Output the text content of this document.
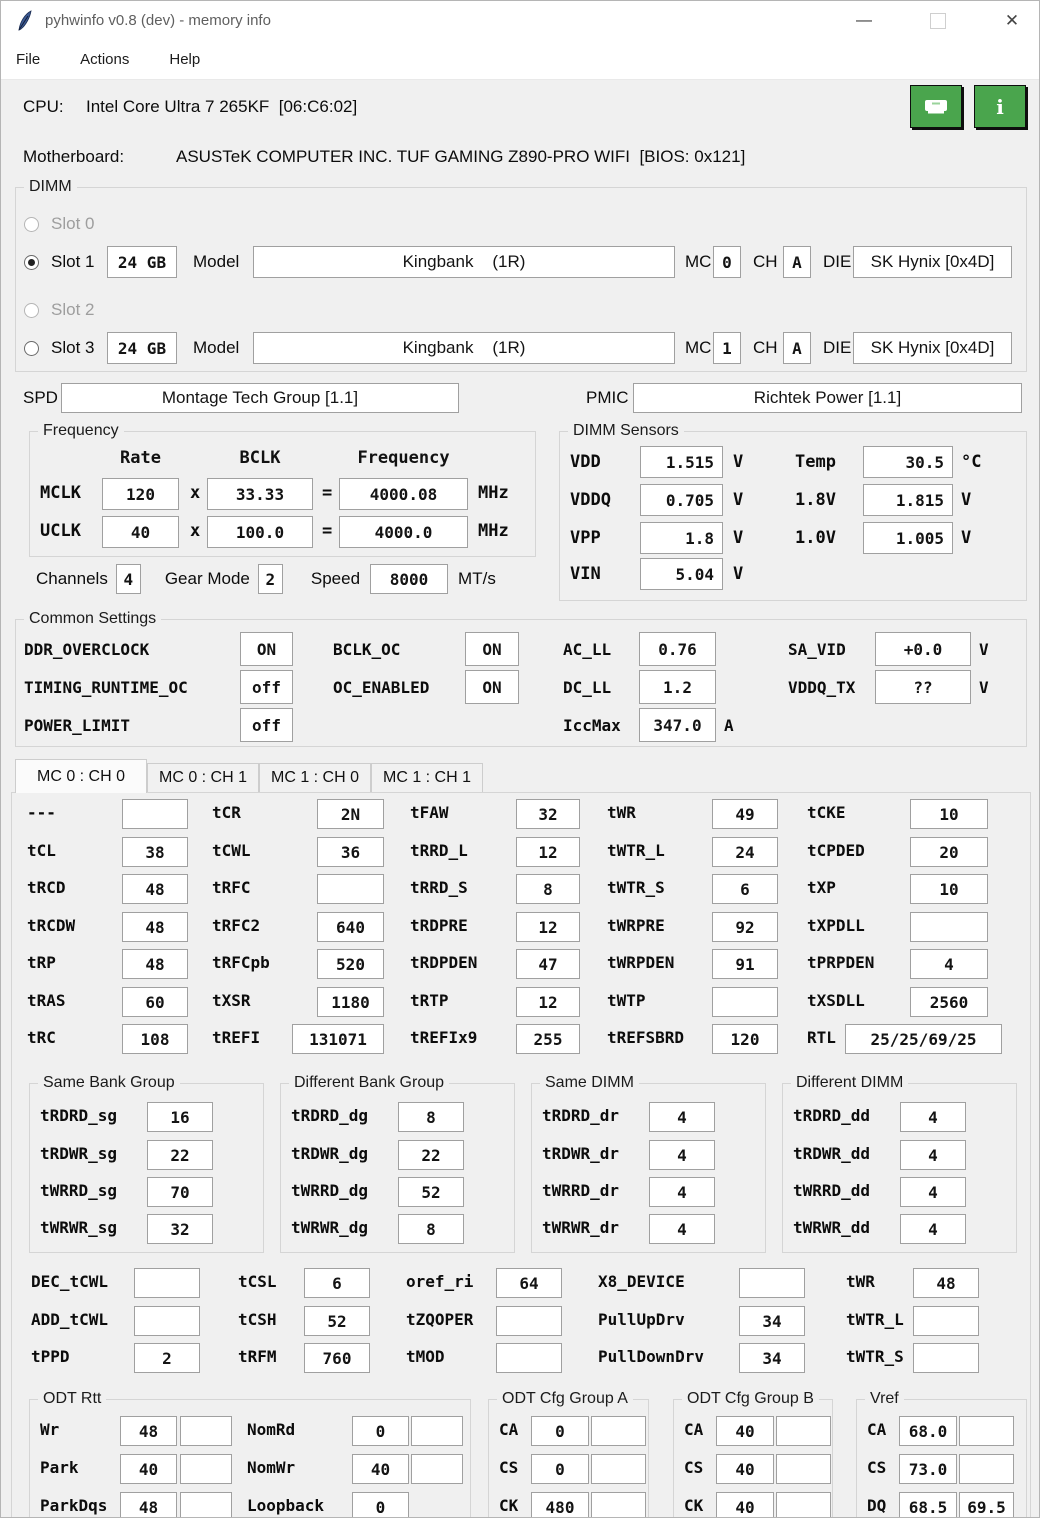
pyhwinfo v0.8 (dev) - memory info	—	✕
File	Actions	Help
CPU:	Intel Core Ultra 7 265KF  [06:C6:02]	i
Motherboard:	ASUSTeK COMPUTER INC. TUF GAMING Z890-PRO WIFI  [BIOS: 0x121]
DIMM
Slot 0
Slot 1	24 GB	Model	Kingbank    (1R)	MC 0	CH A	DIE	SK Hynix [0x4D]
Slot 2
Slot 3	24 GB	Model	Kingbank    (1R)	MC 1	CH A	DIE	SK Hynix [0x4D]
SPD	Montage Tech Group [1.1]	PMIC	Richtek Power [1.1]
Frequency
Rate	BCLK	Frequency
MCLK	120	x	33.33	=	4000.08	MHz
UCLK	40	x	100.0	=	4000.0	MHz
Channels 4	Gear Mode 2	Speed	8000	MT/s
DIMM Sensors
VDD	1.515	V	Temp	30.5	°C
VDDQ	0.705	V	1.8V	1.815	V
VPP	1.8	V	1.0V	1.005	V
VIN	5.04	V
Common Settings
DDR_OVERCLOCK	ON	BCLK_OC	ON	AC_LL	0.76	SA_VID	+0.0	V
TIMING_RUNTIME_OC	off	OC_ENABLED	ON	DC_LL	1.2	VDDQ_TX	??	V
POWER_LIMIT	off	IccMax	347.0	A
MC 0 : CH 0 MC 0 : CH 1 MC 1 : CH 0 MC 1 : CH 1
---	tCR	2N	tFAW	32	tWR	49	tCKE	10
tCL	38	tCWL	36	tRRD_L	12	tWTR_L	24	tCPDED	20
tRCD	48	tRFC	tRRD_S	8	tWTR_S	6	tXP	10
tRCDW	48	tRFC2	640	tRDPRE	12	tWRPRE	92	tXPDLL
tRP	48	tRFCpb	520	tRDPDEN	47	tWRPDEN	91	tPRPDEN	4
tRAS	60	tXSR	1180	tRTP	12	tWTP	tXSDLL	2560
tRC	108	tREFI	131071	tREFIx9	255	tREFSBRD	120	RTL	25/25/69/25
Same Bank Group
tRDRD_sg	16
tRDWR_sg	22
tWRRD_sg	70
tWRWR_sg	32
Different Bank Group
tRDRD_dg	8
tRDWR_dg	22
tWRRD_dg	52
tWRWR_dg	8
Same DIMM
tRDRD_dr	4
tRDWR_dr	4
tWRRD_dr	4
tWRWR_dr	4
Different DIMM
tRDRD_dd	4
tRDWR_dd	4
tWRRD_dd	4
tWRWR_dd	4
DEC_tCWL	tCSL	6	oref_ri	64	X8_DEVICE	tWR	48
ADD_tCWL	tCSH	52	tZQOPER	PullUpDrv	34	tWTR_L
tPPD	2	tRFM	760	tMOD	PullDownDrv	34	tWTR_S
ODT Rtt
Wr	48	NomRd	0
Park	40	NomWr	40
ParkDqs	48	Loopback	0
ODT Cfg Group A
CA	0
CS	0
CK	480
ODT Cfg Group B
CA	40
CS	40
CK	40
Vref
CA	68.0
CS	73.0
DQ	68.5	69.5
